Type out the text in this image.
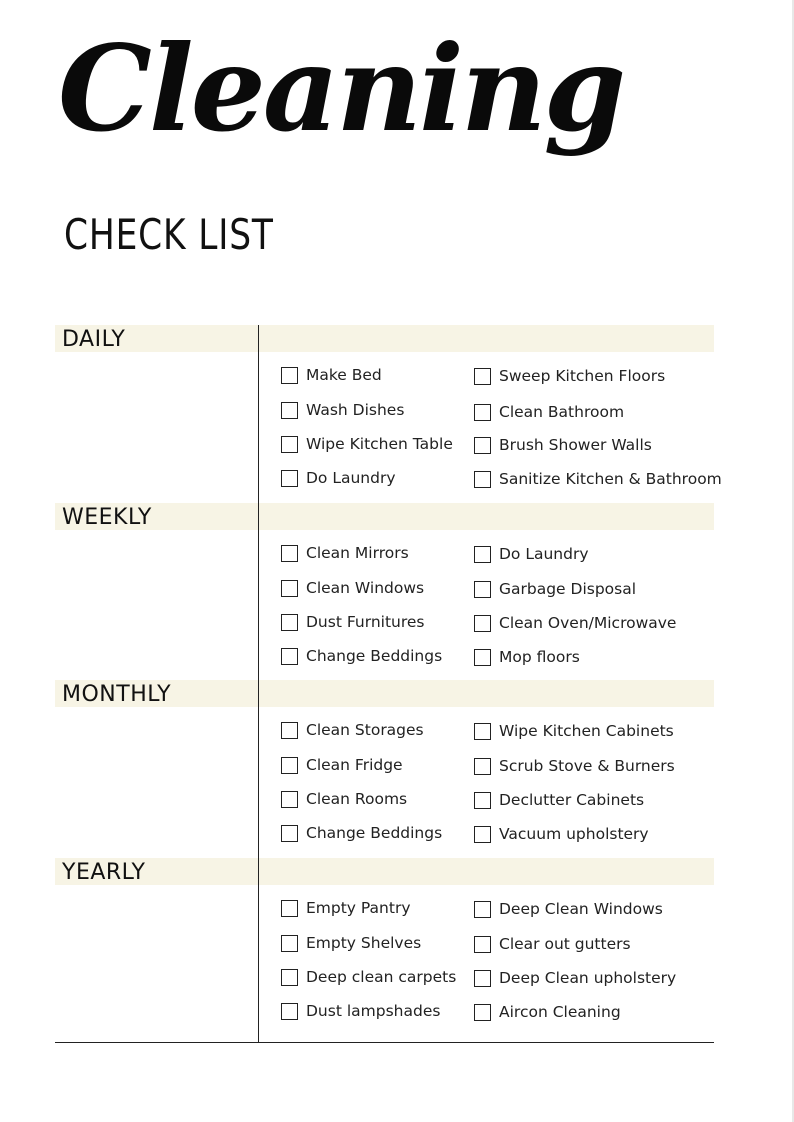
Cleaning
CHECK LIST
DAILY
Make Bed
Wash Dishes
Wipe Kitchen Table
Do Laundry
Sweep Kitchen Floors
Clean Bathroom
Brush Shower Walls
Sanitize Kitchen & Bathroom
WEEKLY
Clean Mirrors
Clean Windows
Dust Furnitures
Change Beddings
Do Laundry
Garbage Disposal
Clean Oven/Microwave
Mop floors
MONTHLY
Clean Storages
Clean Fridge
Clean Rooms
Change Beddings
Wipe Kitchen Cabinets
Scrub Stove & Burners
Declutter Cabinets
Vacuum upholstery
YEARLY
Empty Pantry
Empty Shelves
Deep clean carpets
Dust lampshades
Deep Clean Windows
Clear out gutters
Deep Clean upholstery
Aircon Cleaning
